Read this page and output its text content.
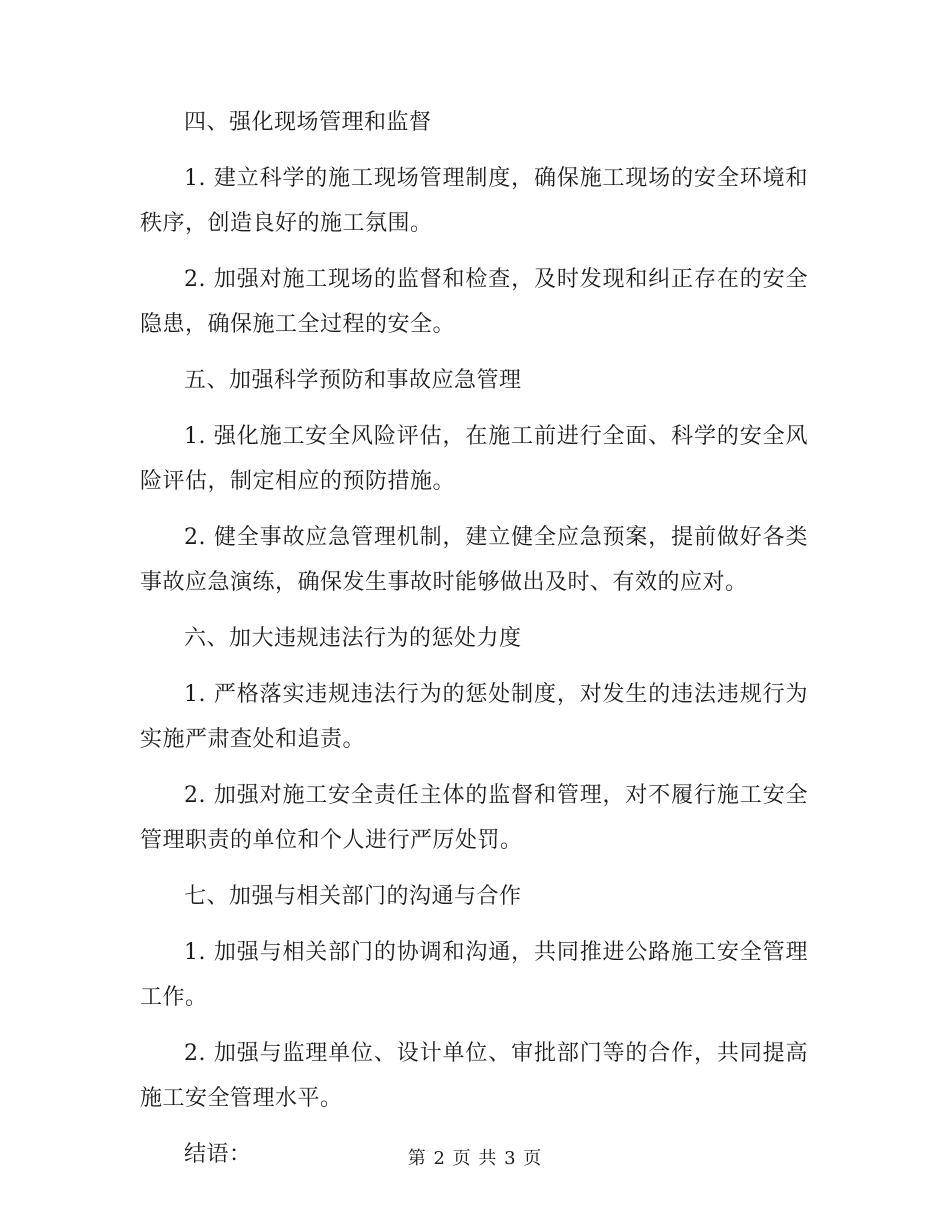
四、强化现场管理和监督

1. 建立科学的施工现场管理制度，确保施工现场的安全环境和秩序，创造良好的施工氛围。

2. 加强对施工现场的监督和检查，及时发现和纠正存在的安全隐患，确保施工全过程的安全。

五、加强科学预防和事故应急管理

1. 强化施工安全风险评估，在施工前进行全面、科学的安全风险评估，制定相应的预防措施。

2. 健全事故应急管理机制，建立健全应急预案，提前做好各类事故应急演练，确保发生事故时能够做出及时、有效的应对。

六、加大违规违法行为的惩处力度

1. 严格落实违规违法行为的惩处制度，对发生的违法违规行为实施严肃查处和追责。

2. 加强对施工安全责任主体的监督和管理，对不履行施工安全管理职责的单位和个人进行严厉处罚。

七、加强与相关部门的沟通与合作

1. 加强与相关部门的协调和沟通，共同推进公路施工安全管理工作。

2. 加强与监理单位、设计单位、审批部门等的合作，共同提高施工安全管理水平。

结语：	第 2 页 共 3 页
